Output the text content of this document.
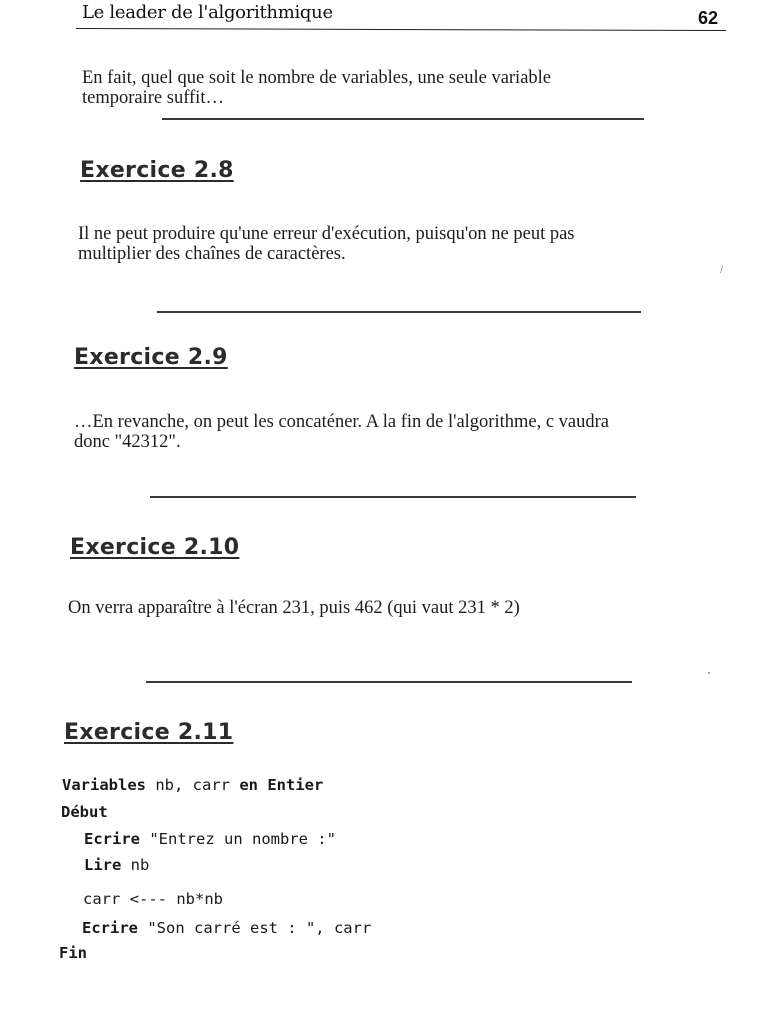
Le leader de l'algorithmique	62
En fait, quel que soit le nombre de variables, une seule variable
temporaire suffit…
Exercice 2.8
Il ne peut produire qu'une erreur d'exécution, puisqu'on ne peut pas
multiplier des chaînes de caractères.
/
Exercice 2.9
…En revanche, on peut les concaténer. A la fin de l'algorithme, c vaudra
donc "42312".
Exercice 2.10
On verra apparaître à l'écran 231, puis 462 (qui vaut 231 * 2)
Exercice 2.11
Variables nb, carr en Entier
Début
Ecrire "Entrez un nombre :"
Lire nb
carr <--- nb*nb
Ecrire "Son carré est : ", carr
Fin
